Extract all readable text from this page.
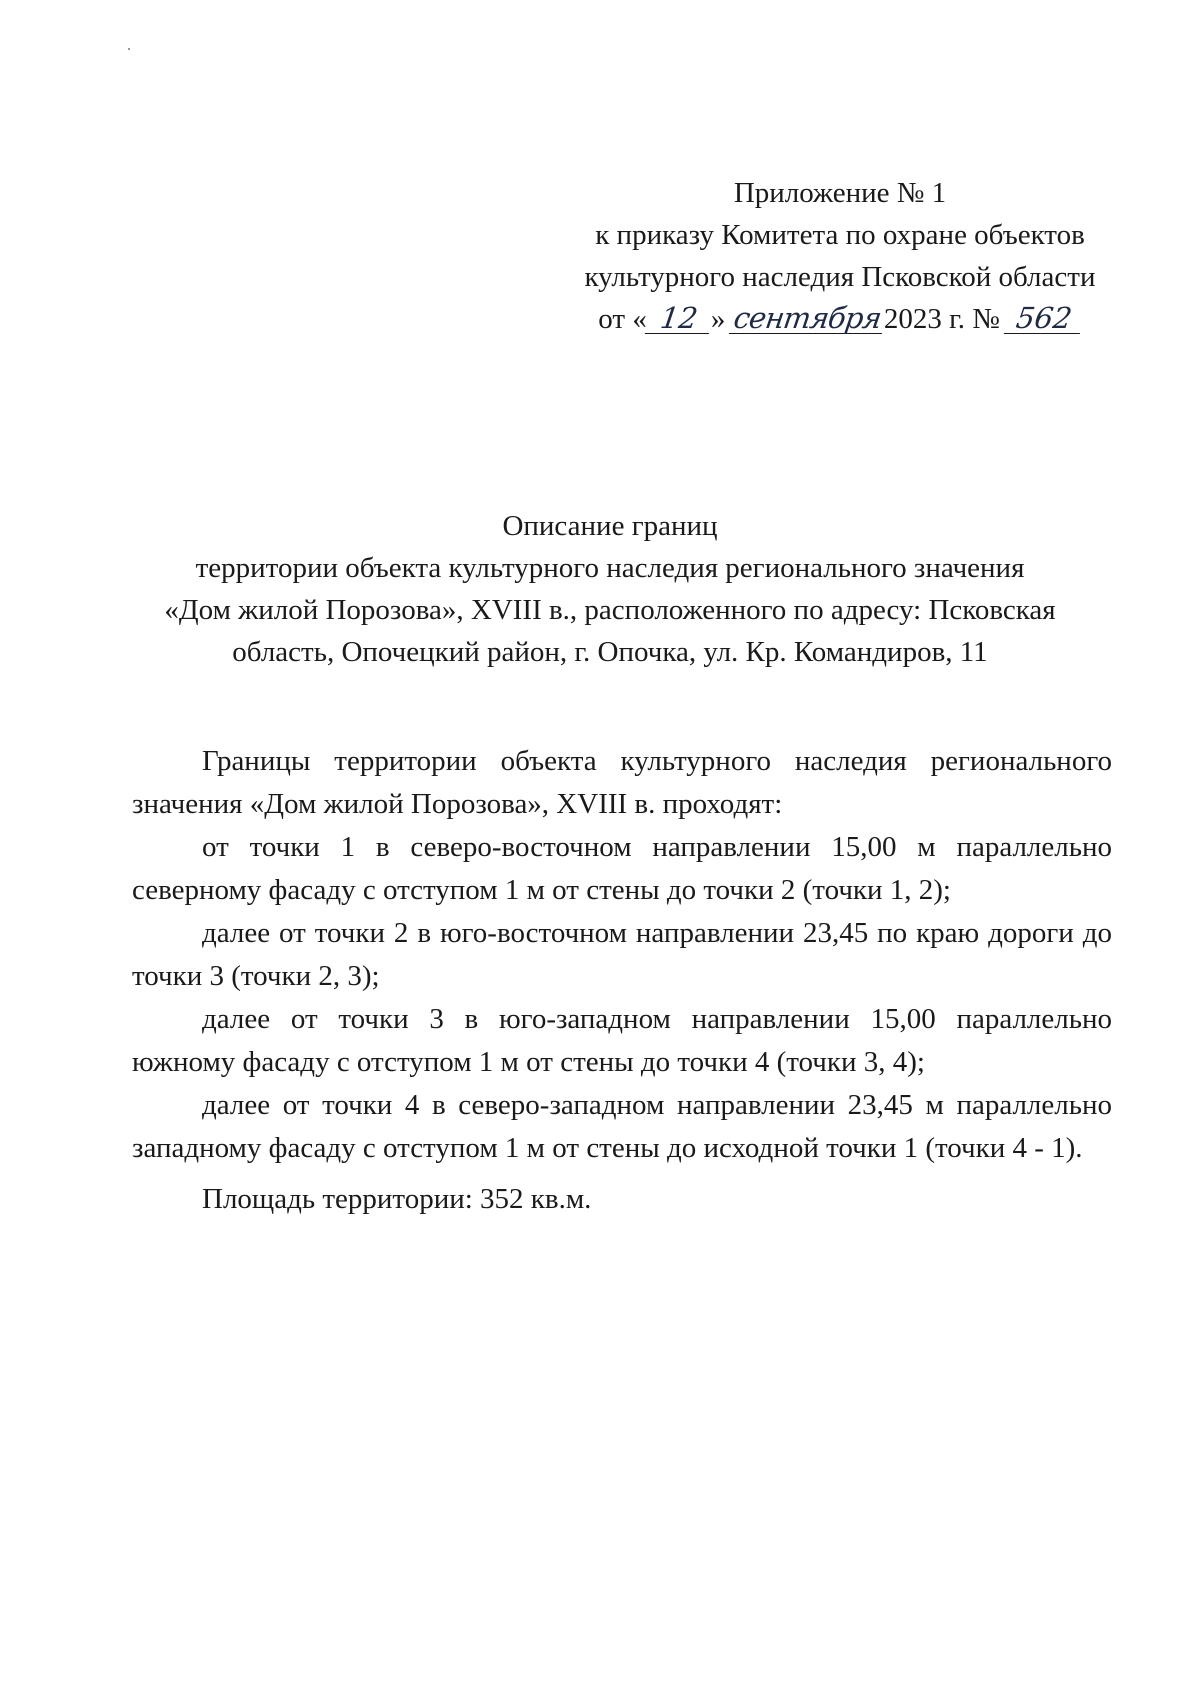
Приложение № 1
к приказу Комитета по охране объектов
культурного наследия Псковской области
от « 12 »  сентября2023 г. №  562
Описание границ
территории объекта культурного наследия регионального значения
«Дом жилой Порозова», XVIII в., расположенного по адресу: Псковская
область, Опочецкий район, г. Опочка, ул. Кр. Командиров, 11

Границы территории объекта культурного наследия регионального значения «Дом жилой Порозова», XVIII в. проходят:

от точки 1 в северо-восточном направлении 15,00 м параллельно северному фасаду с отступом 1 м от стены до точки 2 (точки 1, 2);

далее от точки 2 в юго-восточном направлении 23,45 по краю дороги до точки 3 (точки 2, 3);

далее от точки 3 в юго-западном направлении 15,00 параллельно южному фасаду с отступом 1 м от стены до точки 4 (точки 3, 4);

далее от точки 4 в северо-западном направлении 23,45 м параллельно западному фасаду с отступом 1 м от стены до исходной точки 1 (точки 4 - 1).

Площадь территории: 352 кв.м.
